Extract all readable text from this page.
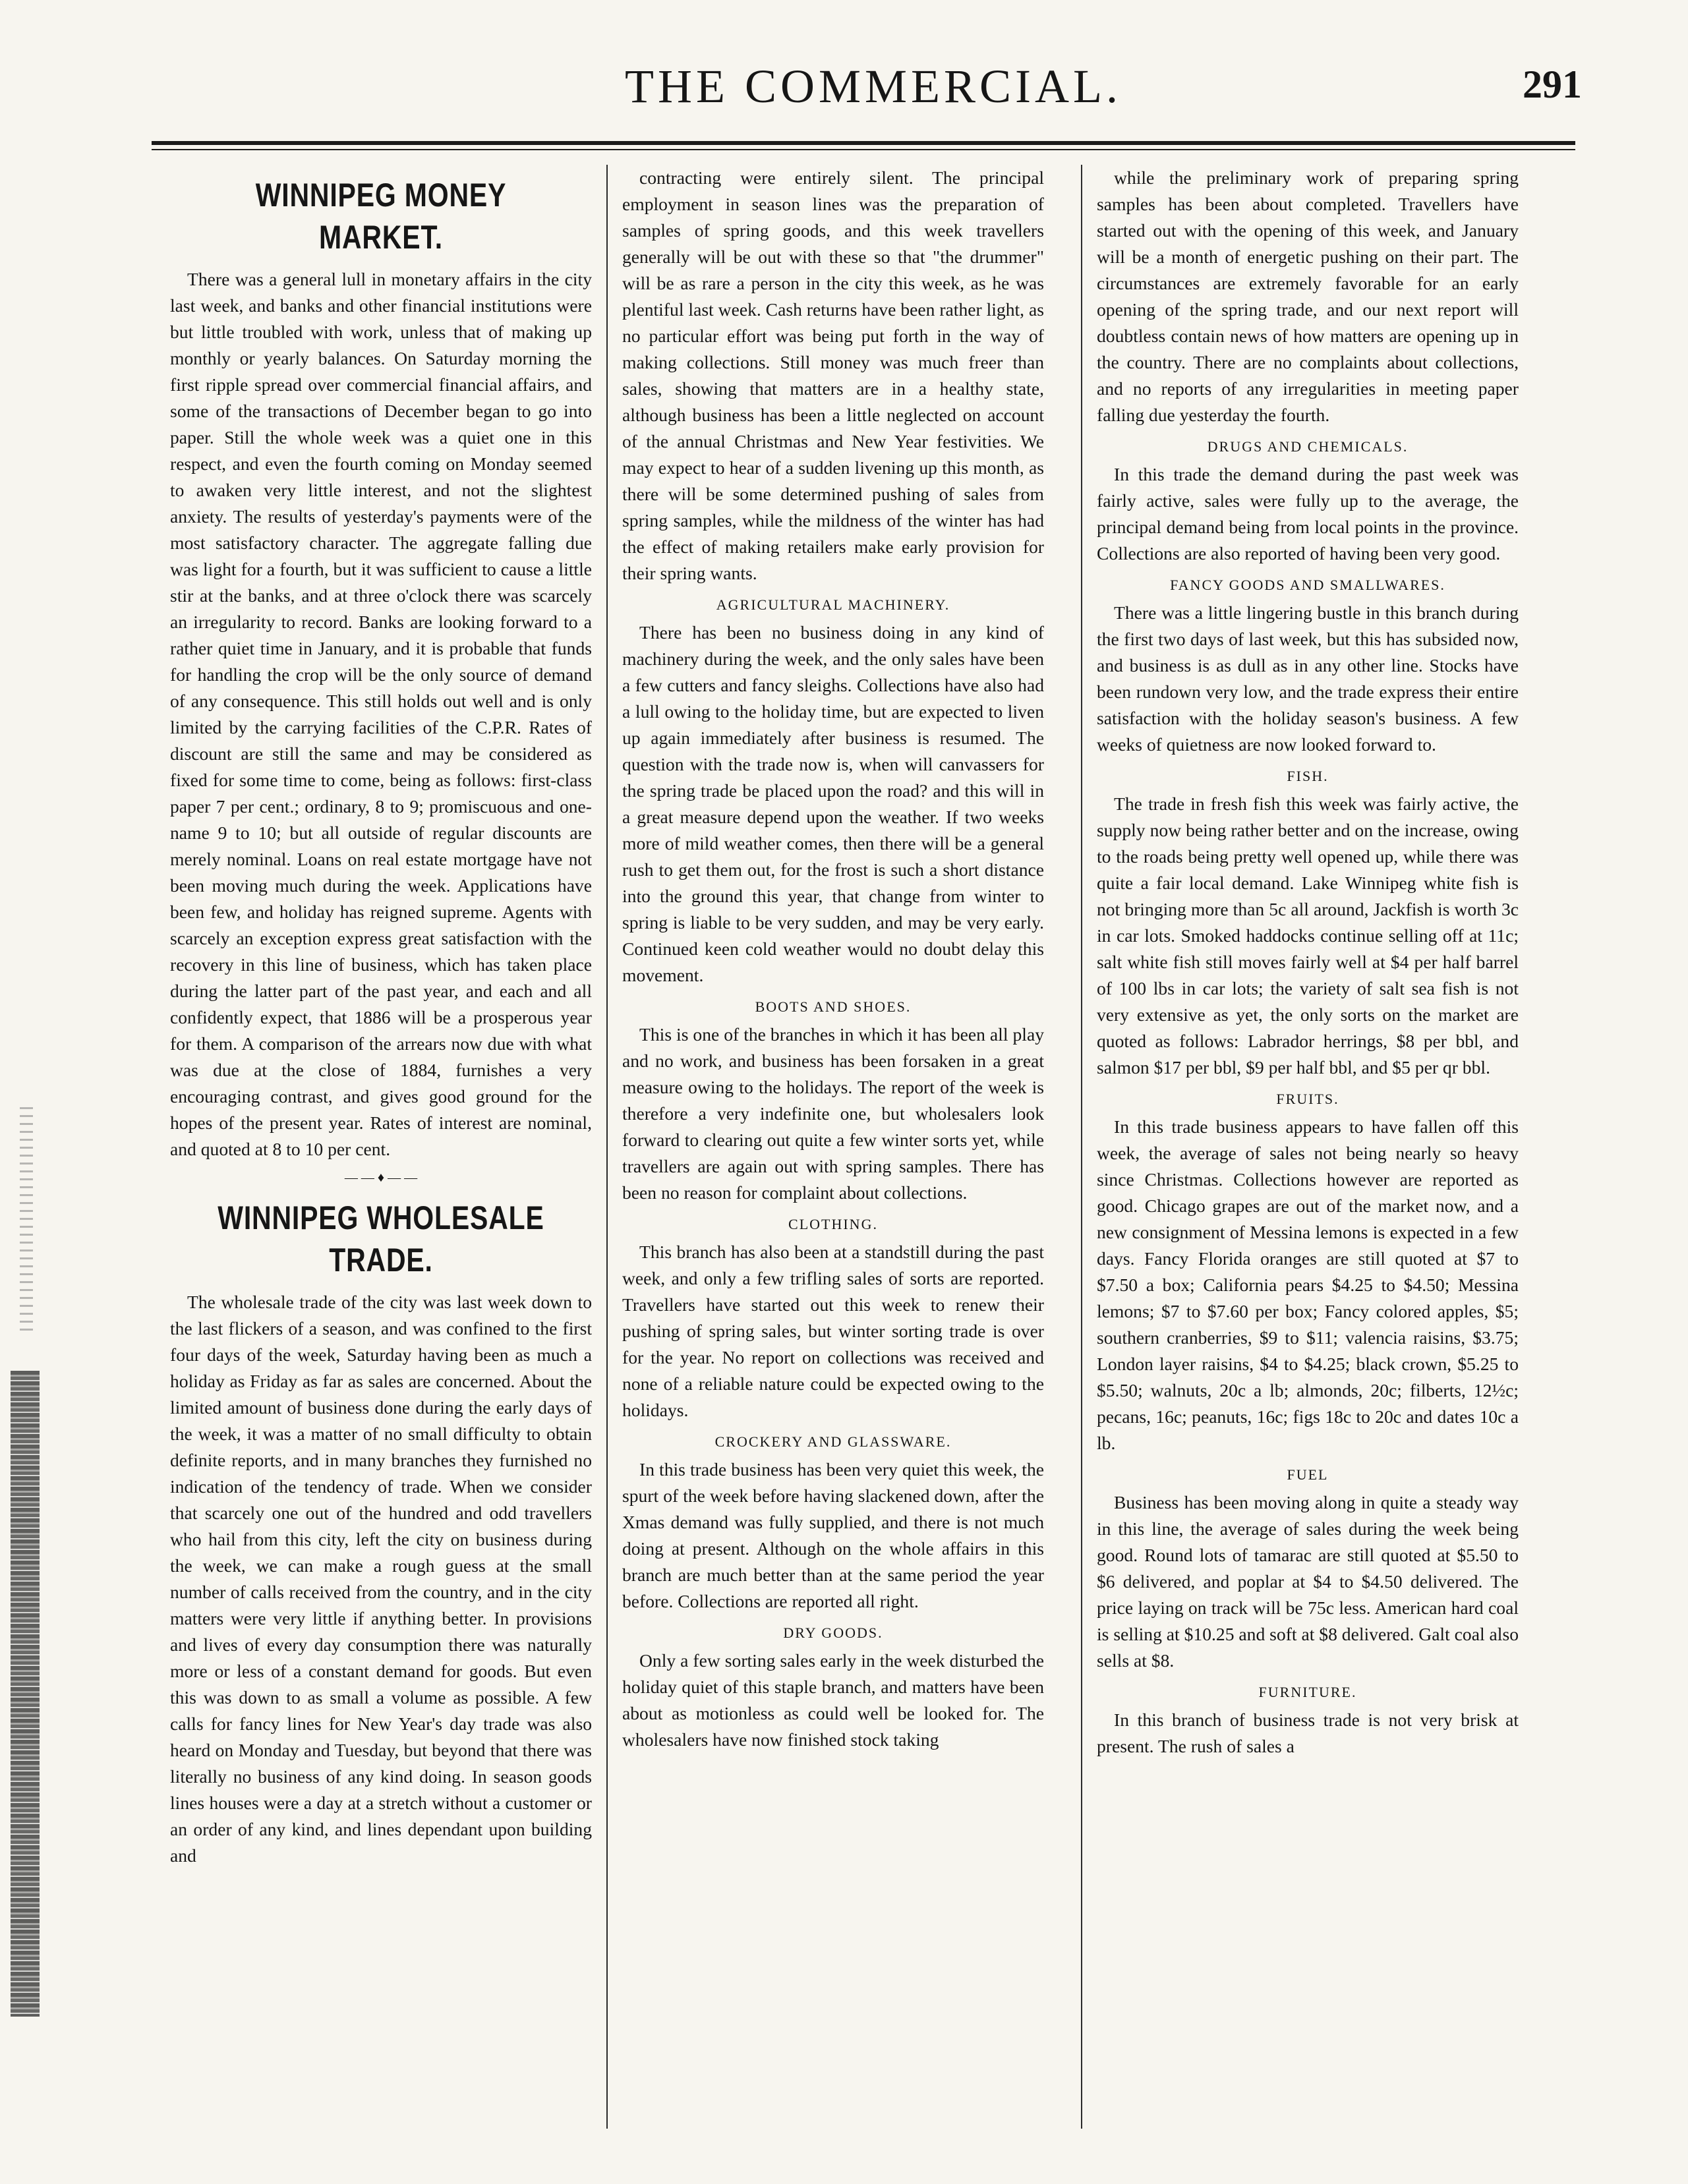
THE COMMERCIAL.	291
WINNIPEG MONEY MARKET.

There was a general lull in monetary affairs in the city last week, and banks and other financial institutions were but little troubled with work, unless that of making up monthly or yearly balances. On Saturday morning the first ripple spread over commercial financial affairs, and some of the transactions of December began to go into paper. Still the whole week was a quiet one in this respect, and even the fourth coming on Monday seemed to awaken very little interest, and not the slightest anxiety. The results of yesterday's payments were of the most satisfactory character. The aggregate falling due was light for a fourth, but it was sufficient to cause a little stir at the banks, and at three o'clock there was scarcely an irregularity to record. Banks are looking forward to a rather quiet time in January, and it is probable that funds for handling the crop will be the only source of demand of any consequence. This still holds out well and is only limited by the carrying facilities of the C.P.R. Rates of discount are still the same and may be considered as fixed for some time to come, being as follows: first-class paper 7 per cent.; ordinary, 8 to 9; promiscuous and one-name 9 to 10; but all outside of regular discounts are merely nominal. Loans on real estate mortgage have not been moving much during the week. Applications have been few, and holiday has reigned supreme. Agents with scarcely an exception express great satisfaction with the recovery in this line of business, which has taken place during the latter part of the past year, and each and all confidently expect, that 1886 will be a prosperous year for them. A comparison of the arrears now due with what was due at the close of 1884, furnishes a very encouraging contrast, and gives good ground for the hopes of the present year. Rates of interest are nominal, and quoted at 8 to 10 per cent.

— — ♦ — —
WINNIPEG WHOLESALE TRADE.

The wholesale trade of the city was last week down to the last flickers of a season, and was confined to the first four days of the week, Saturday having been as much a holiday as Friday as far as sales are concerned. About the limited amount of business done during the early days of the week, it was a matter of no small difficulty to obtain definite reports, and in many branches they furnished no indication of the tendency of trade. When we consider that scarcely one out of the hundred and odd travellers who hail from this city, left the city on business during the week, we can make a rough guess at the small number of calls received from the country, and in the city matters were very little if anything better. In provisions and lives of every day consumption there was naturally more or less of a constant demand for goods. But even this was down to as small a volume as possible. A few calls for fancy lines for New Year's day trade was also heard on Monday and Tuesday, but beyond that there was literally no business of any kind doing. In season goods lines houses were a day at a stretch without a customer or an order of any kind, and lines dependant upon building and

contracting were entirely silent. The principal employment in season lines was the preparation of samples of spring goods, and this week travellers generally will be out with these so that "the drummer" will be as rare a person in the city this week, as he was plentiful last week. Cash returns have been rather light, as no particular effort was being put forth in the way of making collections. Still money was much freer than sales, showing that matters are in a healthy state, although business has been a little neglected on account of the annual Christmas and New Year festivities. We may expect to hear of a sudden livening up this month, as there will be some determined pushing of sales from spring samples, while the mildness of the winter has had the effect of making retailers make early provision for their spring wants.

AGRICULTURAL MACHINERY.

There has been no business doing in any kind of machinery during the week, and the only sales have been a few cutters and fancy sleighs. Collections have also had a lull owing to the holiday time, but are expected to liven up again immediately after business is resumed. The question with the trade now is, when will canvassers for the spring trade be placed upon the road? and this will in a great measure depend upon the weather. If two weeks more of mild weather comes, then there will be a general rush to get them out, for the frost is such a short distance into the ground this year, that change from winter to spring is liable to be very sudden, and may be very early. Continued keen cold weather would no doubt delay this movement.

BOOTS AND SHOES.

This is one of the branches in which it has been all play and no work, and business has been forsaken in a great measure owing to the holidays. The report of the week is therefore a very indefinite one, but wholesalers look forward to clearing out quite a few winter sorts yet, while travellers are again out with spring samples. There has been no reason for complaint about collections.

CLOTHING.

This branch has also been at a standstill during the past week, and only a few trifling sales of sorts are reported. Travellers have started out this week to renew their pushing of spring sales, but winter sorting trade is over for the year. No report on collections was received and none of a reliable nature could be expected owing to the holidays.

CROCKERY AND GLASSWARE.

In this trade business has been very quiet this week, the spurt of the week before having slackened down, after the Xmas demand was fully supplied, and there is not much doing at present. Although on the whole affairs in this branch are much better than at the same period the year before. Collections are reported all right.

DRY GOODS.

Only a few sorting sales early in the week disturbed the holiday quiet of this staple branch, and matters have been about as motionless as could well be looked for. The wholesalers have now finished stock taking

while the preliminary work of preparing spring samples has been about completed. Travellers have started out with the opening of this week, and January will be a month of energetic pushing on their part. The circumstances are extremely favorable for an early opening of the spring trade, and our next report will doubtless contain news of how matters are opening up in the country. There are no complaints about collections, and no reports of any irregularities in meeting paper falling due yesterday the fourth.

DRUGS AND CHEMICALS.

In this trade the demand during the past week was fairly active, sales were fully up to the average, the principal demand being from local points in the province. Collections are also reported of having been very good.

FANCY GOODS AND SMALLWARES.

There was a little lingering bustle in this branch during the first two days of last week, but this has subsided now, and business is as dull as in any other line. Stocks have been rundown very low, and the trade express their entire satisfaction with the holiday season's business. A few weeks of quietness are now looked forward to.

FISH.

The trade in fresh fish this week was fairly active, the supply now being rather better and on the increase, owing to the roads being pretty well opened up, while there was quite a fair local demand. Lake Winnipeg white fish is not bringing more than 5c all around, Jackfish is worth 3c in car lots. Smoked haddocks continue selling off at 11c; salt white fish still moves fairly well at $4 per half barrel of 100 lbs in car lots; the variety of salt sea fish is not very extensive as yet, the only sorts on the market are quoted as follows: Labrador herrings, $8 per bbl, and salmon $17 per bbl, $9 per half bbl, and $5 per qr bbl.

FRUITS.

In this trade business appears to have fallen off this week, the average of sales not being nearly so heavy since Christmas. Collections however are reported as good. Chicago grapes are out of the market now, and a new consignment of Messina lemons is expected in a few days. Fancy Florida oranges are still quoted at $7 to $7.50 a box; California pears $4.25 to $4.50; Messina lemons; $7 to $7.60 per box; Fancy colored apples, $5; southern cranberries, $9 to $11; valencia raisins, $3.75; London layer raisins, $4 to $4.25; black crown, $5.25 to $5.50; walnuts, 20c a lb; almonds, 20c; filberts, 12½c; pecans, 16c; peanuts, 16c; figs 18c to 20c and dates 10c a lb.

FUEL

Business has been moving along in quite a steady way in this line, the average of sales during the week being good. Round lots of tamarac are still quoted at $5.50 to $6 delivered, and poplar at $4 to $4.50 delivered. The price laying on track will be 75c less. American hard coal is selling at $10.25 and soft at $8 delivered. Galt coal also sells at $8.

FURNITURE.

In this branch of business trade is not very brisk at present. The rush of sales a
